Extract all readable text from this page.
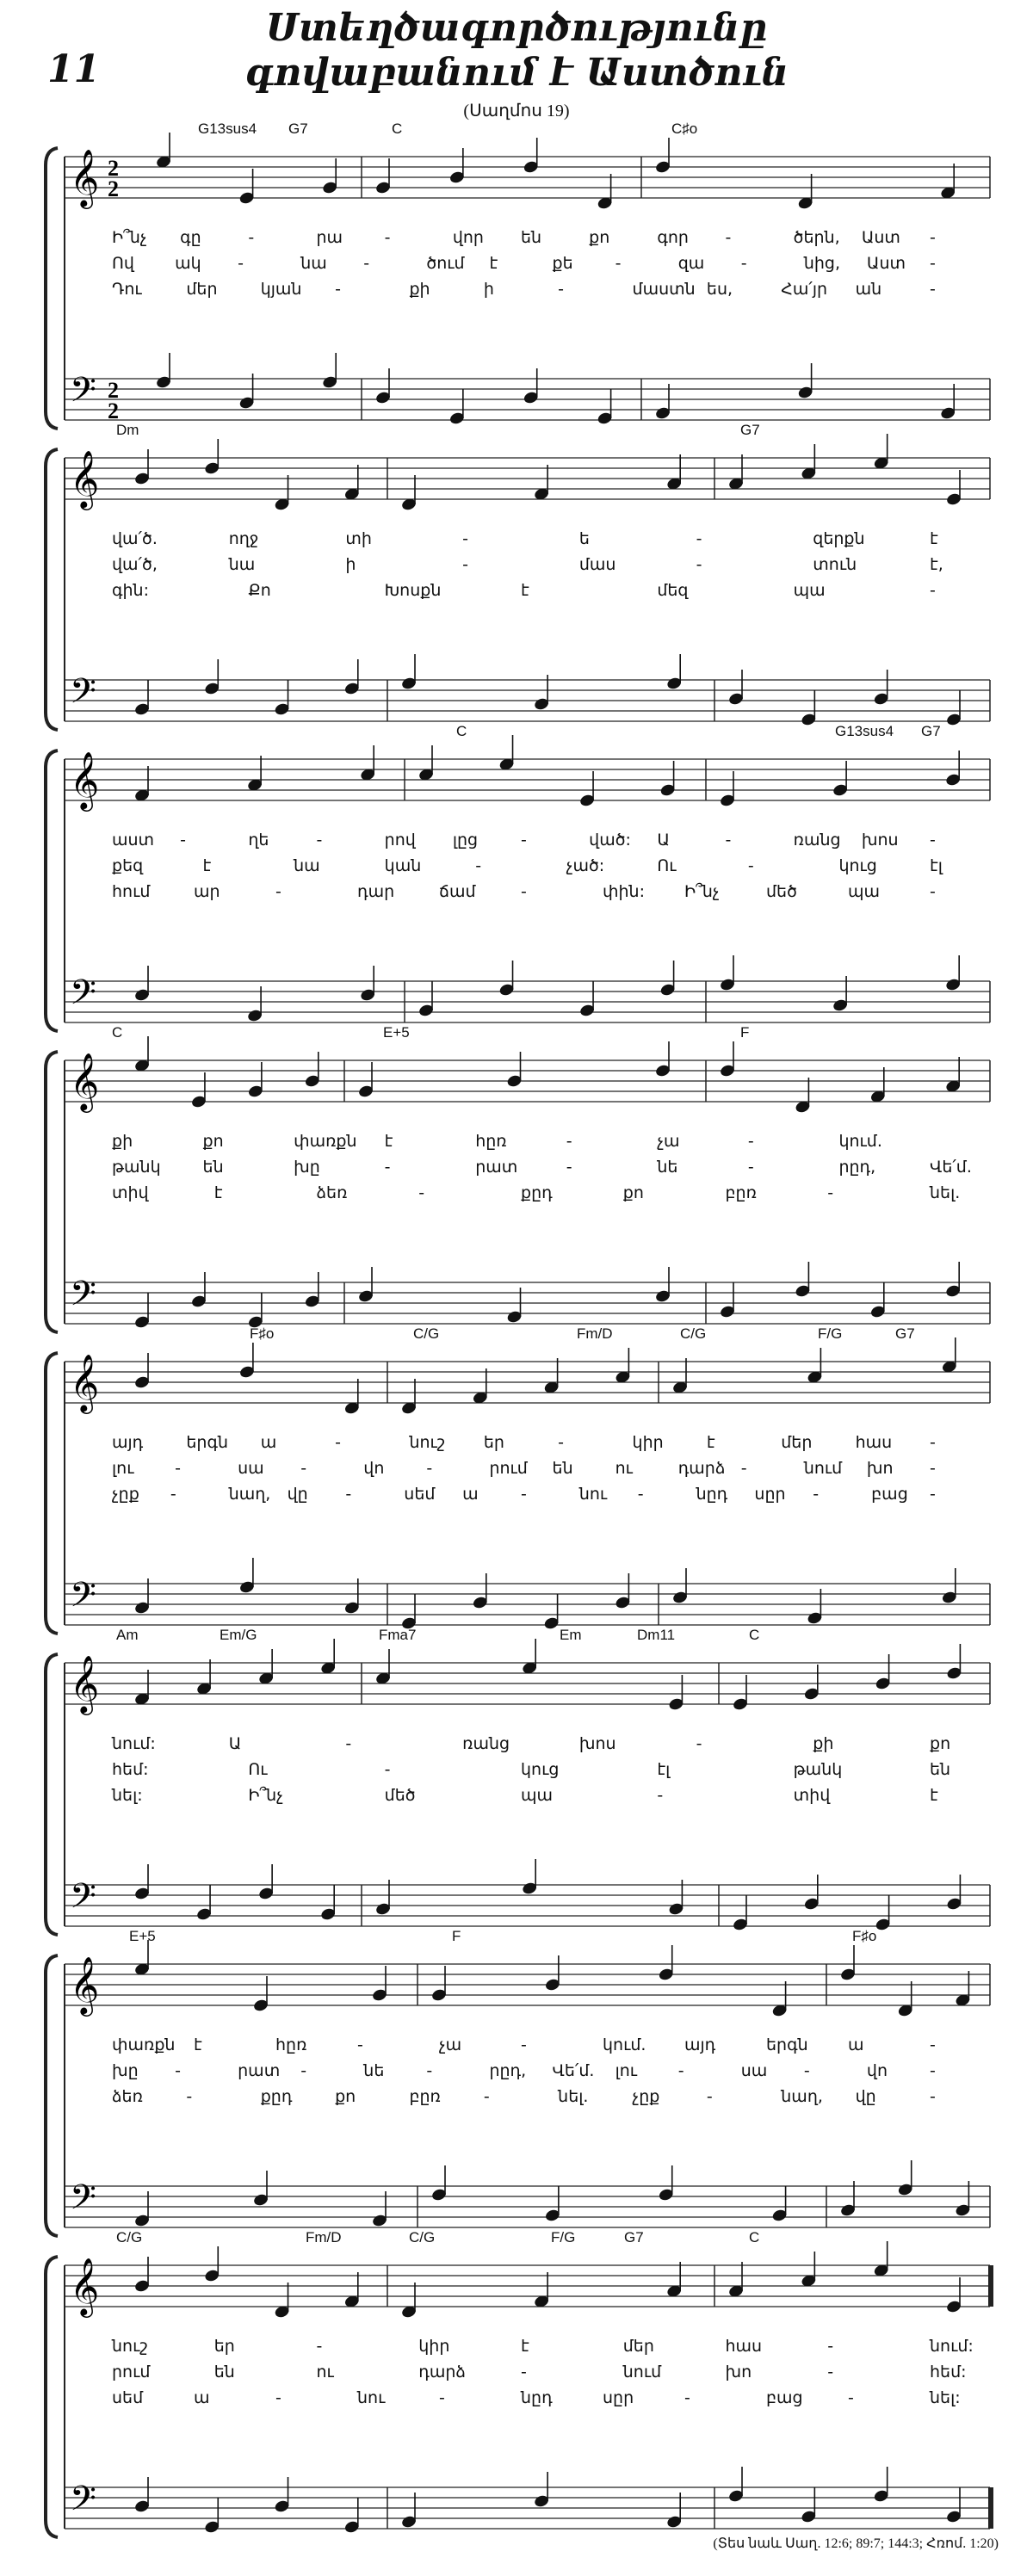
11
Ստեղծագործությունը
գովաբանում է Աստծուն
(Սաղմոս 19)
𝄞
𝄢
2
2
2
2
G13sus4 G7	C	C♯o
Ի՞նչ գը	-	րա	-	վոր են	քո	գոր -	ծերն, Աստ -
Ով ակ -	նա -	ծում է	քե	-	զա -	նից, Աստ -
Դու	մեր	կյան -	քի	ի	-	մաստն ես,	Հա՛յր ան	-
𝄞
𝄢
Dm	G7
վա՛ծ.	ողջ	տի	-	ե	-	զերքն	է
վա՛ծ,	նա	ի	-	մաս	-	տուն	է,
գին:	Քո	Խոսքն	է	մեզ	պա	-
𝄞
𝄢
C	G13sus4 G7
աստ -	ղե	-	րով լըց	-	ված: Ա	-	ռանց խոս -
քեզ	է	նա	կան	-	չած:	Ու	-	կուց	էլ
հում	ար	-	դար	ճամ	-	փին: Ի՞նչ	մեծ	պա	-
𝄞
𝄢
C	E+5	F
քի	քո	փառքն է	հըռ	-	չա	-	կում.
թանկ	են	խը	-	րատ	-	նե	-	րըդ,	Վե՛մ.
տիվ	է	ձեռ	-	քըդ	քո	բըռ	-	նել.
𝄞
𝄢
F♯o	C/G	Fm/D	C/G	F/G	G7
այդ	երգն ա	-	նուշ եր	-	կիր	է	մեր	հաս -
լու	-	սա -	վո	-	րում են	ու	դարձ -	նում խո -
չըք -	նաղ, վը -	սեմ ա	-	նու -	նըդ սըր -	բաց -
𝄞
𝄢
Am	Em/G	Fma7	Em	Dm11	C
նում:	Ա	-	ռանց	խոս	-	քի	քո
հեմ:	Ու	-	կուց	էլ	թանկ	են
նել:	Ի՞նչ	մեծ	պա	-	տիվ	է
𝄞
𝄢
E+5	F	F♯o
փառքն է	հըռ	-	չա	-	կում. այդ	երգն ա	-
խը -	րատ -	նե	-	րըդ, Վե՛մ. լու	-	սա -	վո	-
ձեռ	-	քըդ	քո	բըռ	-	նել.	չըք	-	նաղ, վը	-
𝄞
𝄢
C/G	Fm/D	C/G	F/G	G7	C
նուշ	եր	-	կիր	է	մեր	հաս	-	նում:
րում	են	ու	դարձ	-	նում	խո	-	հեմ:
սեմ	ա	-	նու	-	նըդ	սըր	-	բաց	-	նել:
(Տես նաև Սաղ. 12:6; 89:7; 144:3; Հռոմ. 1:20)
